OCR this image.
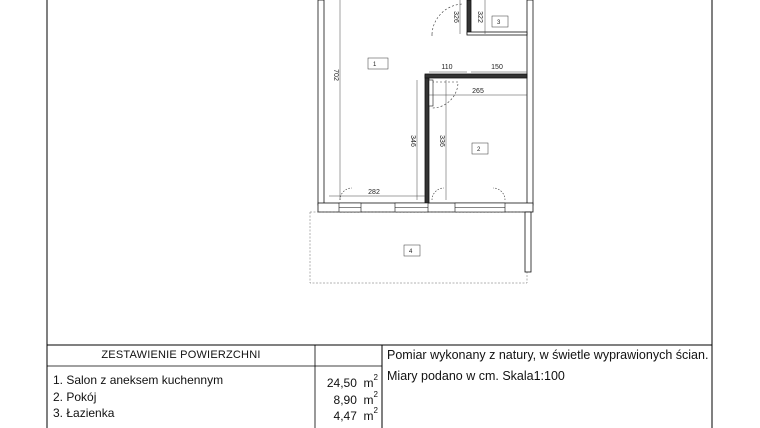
326 322
702
110	150
265
346	336
282
1
2
3
4
ZESTAWIENIE POWIERZCHNI
1. Salon z aneksem kuchennym	24,50 $m^2$
2. Pokój	8,90 $m^2$
3. Łazienka	4,47 $m^2$
Pomiar wykonany z natury, w świetle wyprawionych ścian.
Miary podano w cm. Skala1:100
